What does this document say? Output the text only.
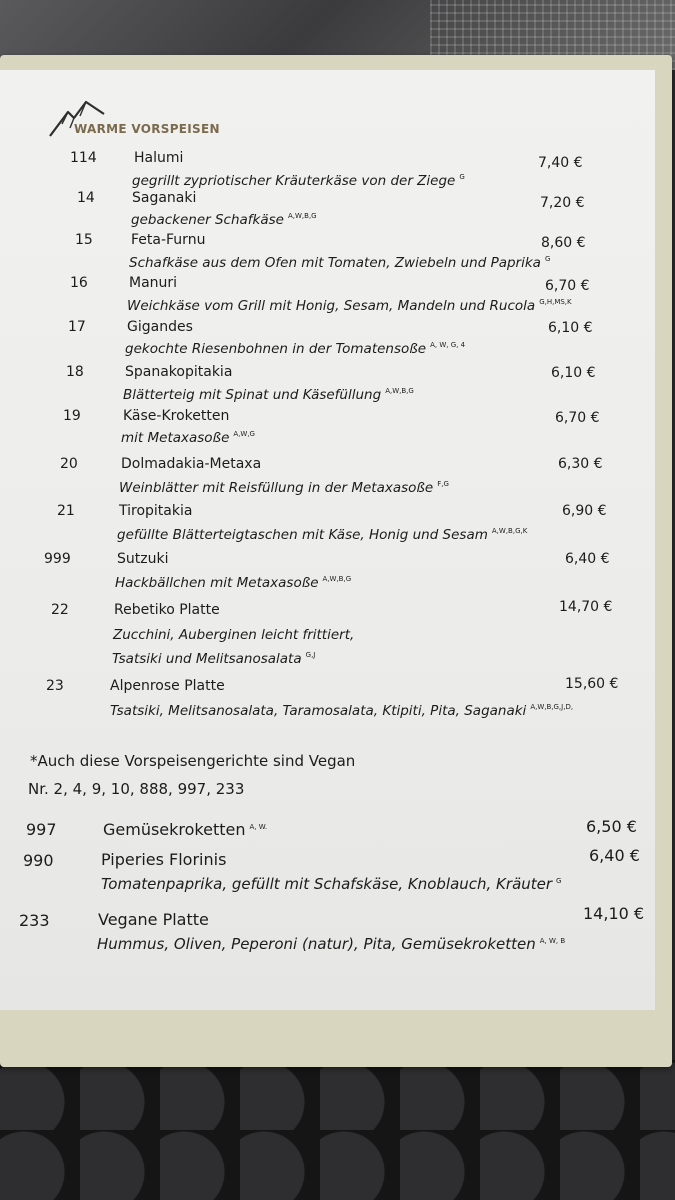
WARME VORSPEISEN
114	Halumi	7,40 €
gegrillt zypriotischer Kräuterkäse von der Ziege $^G$
14	Saganaki	7,20 €
gebackener Schafkäse $^{A,W,B,G}$
15	Feta-Furnu	8,60 €
Schafkäse aus dem Ofen mit Tomaten, Zwiebeln und Paprika $^G$
16	Manuri	6,70 €
Weichkäse vom Grill mit Honig, Sesam, Mandeln und Rucola $^{G,H,MS,K}$
17	Gigandes	6,10 €
gekochte Riesenbohnen in der Tomatensoße $^{A, W, G, 4}$
18	Spanakopitakia	6,10 €
Blätterteig mit Spinat und Käsefüllung $^{A,W,B,G}$
19	Käse-Kroketten	6,70 €
mit Metaxasoße $^{A,W,G}$
20	Dolmadakia-Metaxa	6,30 €
Weinblätter mit Reisfüllung in der Metaxasoße $^{F,G}$
21	Tiropitakia	6,90 €
gefüllte Blätterteigtaschen mit Käse, Honig und Sesam $^{A,W,B,G,K}$
999	Sutzuki	6,40 €
Hackbällchen mit Metaxasoße $^{A,W,B,G}$
22	Rebetiko Platte	14,70 €
Zucchini, Auberginen leicht frittiert,
Tsatsiki und Melitsanosalata $^{G,J}$
23	Alpenrose Platte	15,60 €
Tsatsiki, Melitsanosalata, Taramosalata, Ktipiti, Pita, Saganaki $^{A,W,B,G,J,D,}$
*Auch diese Vorspeisengerichte sind Vegan
Nr. 2, 4, 9, 10, 888, 997, 233
997	Gemüsekroketten $^{A, W.}$	6,50 €
990	Piperies Florinis	6,40 €
Tomatenpaprika, gefüllt mit Schafskäse, Knoblauch, Kräuter $^G$
233	Vegane Platte	14,10 €
Hummus, Oliven, Peperoni (natur), Pita, Gemüsekroketten $^{A, W, B}$
